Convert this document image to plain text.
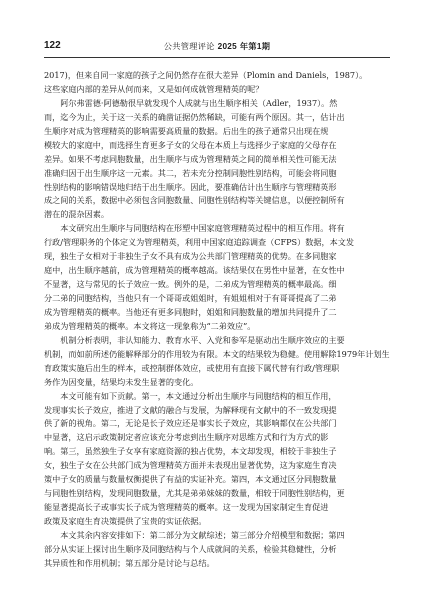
122	公共管理评论 2025 年第1期
2017)，但来自同一家庭的孩子之间仍然存在很大差异（Plomin and Daniels，1987）。
这些家庭内部的差异从何而来，又是如何成就管理精英的呢？
　　阿尔弗雷德·阿德勒很早就发现个人成就与出生顺序相关（Adler，1937）。然
而，迄今为止，关于这一关系的确凿证据仍然稀缺，可能有两个原因。其一，估计出
生顺序对成为管理精英的影响需要高质量的数据。后出生的孩子通常只出现在规
模较大的家庭中，而选择生育更多子女的父母在本质上与选择少子家庭的父母存在
差异。如果不考虑同胞数量，出生顺序与成为管理精英之间的简单相关性可能无法
准确归因于出生顺序这一元素。其二，若未充分控制同胞性别结构，可能会将同胞
性别结构的影响错误地归结于出生顺序。因此，要准确估计出生顺序与管理精英形
成之间的关系，数据中必须包含同胞数量、同胞性别结构等关键信息，以便控制所有
潜在的混杂因素。
　　本文研究出生顺序与同胞结构在形塑中国家庭管理精英过程中的相互作用。将有
行政/管理职务的个体定义为管理精英，利用中国家庭追踪调查（CFPS）数据，本文发
现，独生子女相对于非独生子女不具有成为公共部门管理精英的优势。在多同胞家
庭中，出生顺序越前，成为管理精英的概率越高。该结果仅在男性中显著，在女性中
不显著，这与常见的长子效应一致。例外的是，二弟成为管理精英的概率最高。细
分二弟的同胞结构，当他只有一个哥哥或姐姐时，有姐姐相对于有哥哥提高了二弟
成为管理精英的概率。当他还有更多同胞时，姐姐和同胞数量的增加共同提升了二
弟成为管理精英的概率。本文将这一现象称为“二弟效应”。
　　机制分析表明，非认知能力、教育水平、入党和参军是驱动出生顺序效应的主要
机制，而如前所述仍能解释部分的作用较为有限。本文的结果较为稳健。使用解除1979年计划生
育政策实施后出生的样本，或控制群体效应，或使用有直接下属代替有行政/管理职
务作为因变量，结果均未发生显著的变化。
　　本文可能有如下贡献。第一，本文通过分析出生顺序与同胞结构的相互作用，
发现事实长子效应，推进了文献的融合与发展，为解释现有文献中的不一致发现提
供了新的视角。第二，无论是长子效应还是事实长子效应，其影响都仅在公共部门
中显著，这启示政策制定者应该充分考虑到出生顺序对思维方式和行为方式的影
响。第三，虽然独生子女享有家庭资源的独占优势，本文却发现，相较于非独生子
女，独生子女在公共部门成为管理精英方面并未表现出显著优势，这为家庭生育决
策中子女的质量与数量权衡提供了有益的实证补充。第四，本文通过区分同胞数量
与同胞性别结构，发现同胞数量，尤其是弟弟妹妹的数量，相较于同胞性别结构，更
能显著提高长子或事实长子成为管理精英的概率。这一发现为国家制定生育促进
政策及家庭生育决策提供了宝贵的实证依据。
　　本文其余内容安排如下：第二部分为文献综述；第三部分介绍模型和数据；第四
部分从实证上探讨出生顺序及同胞结构与个人成就间的关系，检验其稳健性，分析
其异质性和作用机制；第五部分是讨论与总结。
